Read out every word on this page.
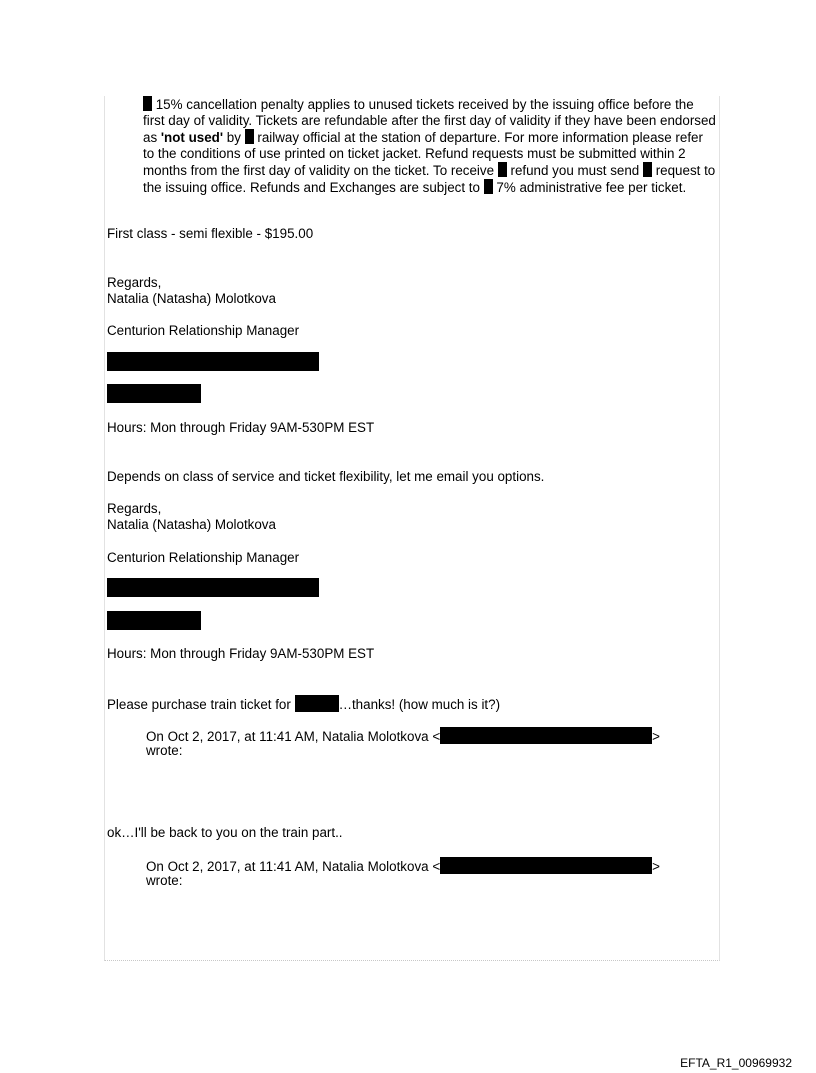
15% cancellation penalty applies to unused tickets received by the issuing office before the first day of validity. Tickets are refundable after the first day of validity if they have been endorsed as 'not used' by  railway official at the station of departure. For more information please refer to the conditions of use printed on ticket jacket. Refund requests must be submitted within 2 months from the first day of validity on the ticket. To receive  refund you must send  request to the issuing office. Refunds and Exchanges are subject to  7% administrative fee per ticket.
First class - semi flexible - $195.00
Regards,
Natalia (Natasha) Molotkova
Centurion Relationship Manager
Hours: Mon through Friday 9AM-530PM EST
Depends on class of service and ticket flexibility, let me email you options.
Regards,
Natalia (Natasha) Molotkova
Centurion Relationship Manager
Hours: Mon through Friday 9AM-530PM EST
Please purchase train ticket for	…thanks! (how much is it?)
On Oct 2, 2017, at 11:41 AM, Natalia Molotkova <	>
wrote:
ok…I'll be back to you on the train part..
On Oct 2, 2017, at 11:41 AM, Natalia Molotkova <	>
wrote:
EFTA_R1_00969932
